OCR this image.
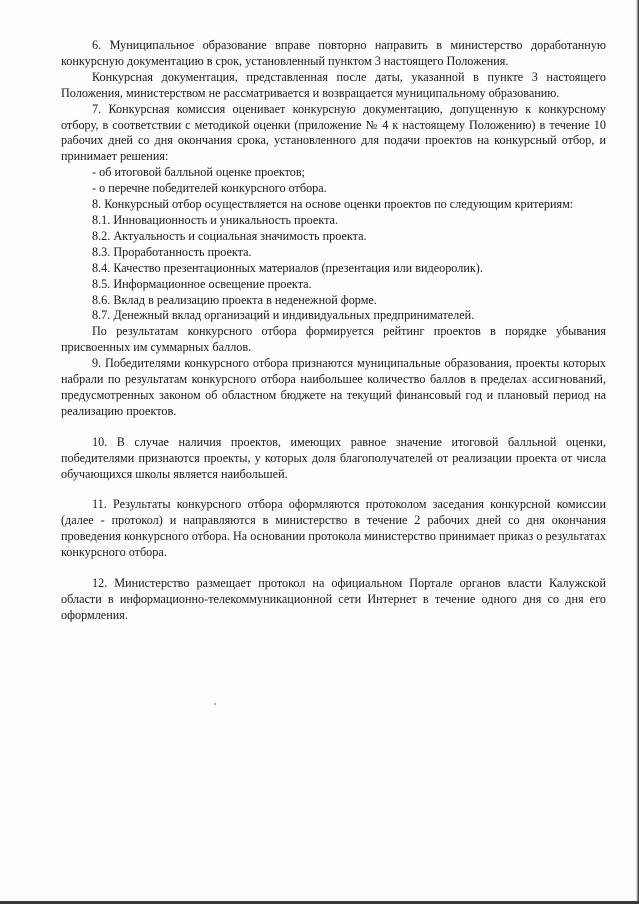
6. Муниципальное образование вправе повторно направить в министерство доработанную конкурсную документацию в срок, установленный пунктом 3 настоящего Положения.

Конкурсная документация, представленная после даты, указанной в пункте 3 настоящего Положения, министерством не рассматривается и возвращается муниципальному образованию.

7. Конкурсная комиссия оценивает конкурсную документацию, допущенную к конкурсному отбору, в соответствии с методикой оценки (приложение № 4 к настоящему Положению) в течение 10 рабочих дней со дня окончания срока, установленного для подачи проектов на конкурсный отбор, и принимает решения:

- об итоговой балльной оценке проектов;

- о перечне победителей конкурсного отбора.

8. Конкурсный отбор осуществляется на основе оценки проектов по следующим критериям:

8.1. Инновационность и уникальность проекта.

8.2. Актуальность и социальная значимость проекта.

8.3. Проработанность проекта.

8.4. Качество презентационных материалов (презентация или видеоролик).

8.5. Информационное освещение проекта.

8.6. Вклад в реализацию проекта в неденежной форме.

8.7. Денежный вклад организаций и индивидуальных предпринимателей.

По результатам конкурсного отбора формируется рейтинг проектов в порядке убывания присвоенных им суммарных баллов.

9. Победителями конкурсного отбора признаются муниципальные образования, проекты которых набрали по результатам конкурсного отбора наибольшее количество баллов в пределах ассигнований, предусмотренных законом об областном бюджете на текущий финансовый год и плановый период на реализацию проектов.

10. В случае наличия проектов, имеющих равное значение итоговой балльной оценки, победителями признаются проекты, у которых доля благополучателей от реализации проекта от числа обучающихся школы является наибольшей.

11. Результаты конкурсного отбора оформляются протоколом заседания конкурсной комиссии (далее - протокол) и направляются в министерство в течение 2 рабочих дней со дня окончания проведения конкурсного отбора. На основании протокола министерство принимает приказ о результатах конкурсного отбора.

12. Министерство размещает протокол на официальном Портале органов власти Калужской области в информационно-телекоммуникационной сети Интернет в течение одного дня со дня его оформления.
